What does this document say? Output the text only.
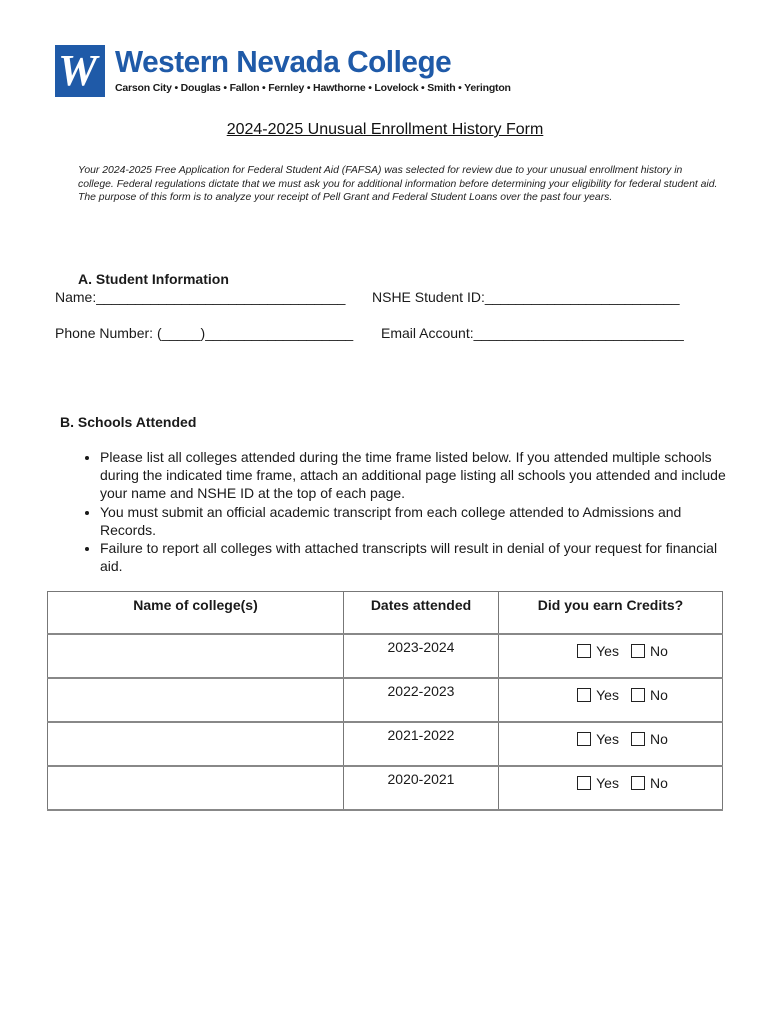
W Western Nevada College
Carson City • Douglas • Fallon • Fernley • Hawthorne • Lovelock • Smith • Yerington
2024-2025 Unusual Enrollment History Form
Your 2024-2025 Free Application for Federal Student Aid (FAFSA) was selected for review due to your unusual enrollment history in college. Federal regulations dictate that we must ask you for additional information before determining your eligibility for federal student aid. The purpose of this form is to analyze your receipt of Pell Grant and Federal Student Loans over the past four years.
A. Student Information
Name:________________________________ NSHE Student ID:_________________________
Phone Number: (_____)___________________ Email Account:___________________________
B. Schools Attended
• Please list all colleges attended during the time frame listed below. If you attended multiple schools during the indicated time frame, attach an additional page listing all schools you attended and include your name and NSHE ID at the top of each page.
• You must submit an official academic transcript from each college attended to Admissions and Records.
• Failure to report all colleges with attached transcripts will result in denial of your request for financial aid.
Name of college(s)	Dates attended	Did you earn Credits?
	2023-2024	Yes No

	2022-2023	Yes No

	2021-2022	Yes No

	2020-2021	Yes No
